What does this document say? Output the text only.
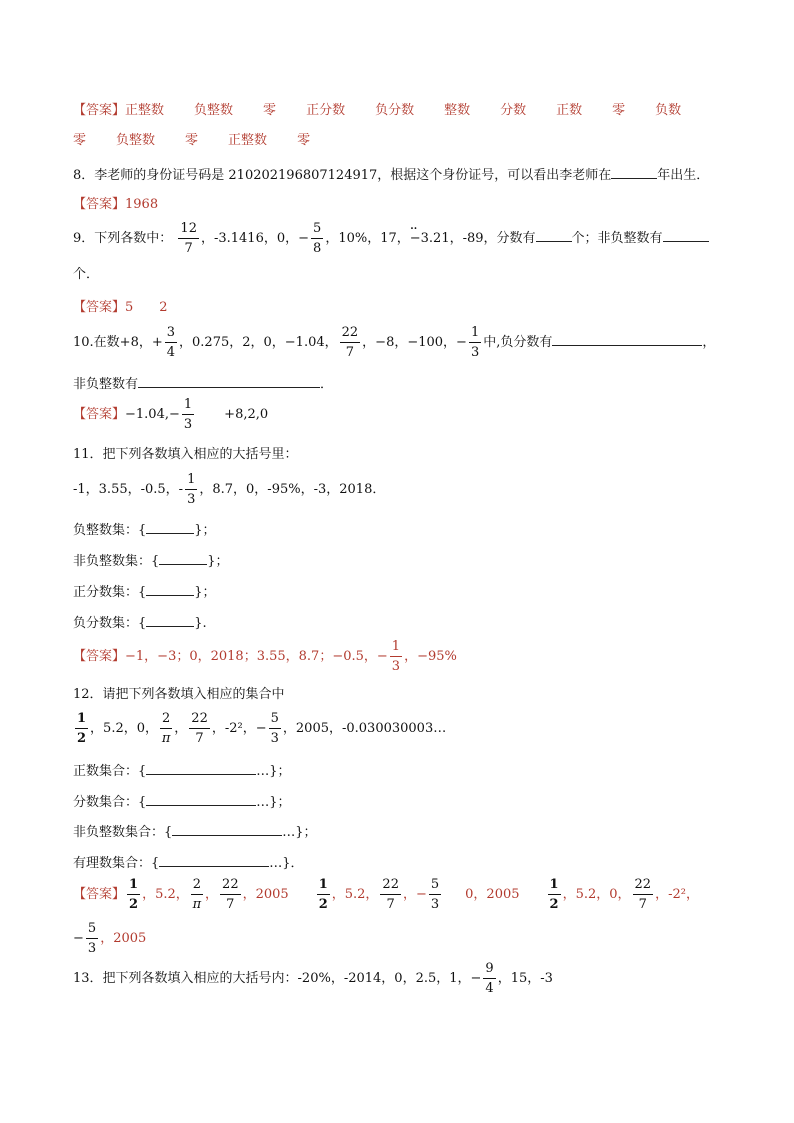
【答案】正整数 负整数 零 正分数 负分数 整数 分数 正数 零 负数
零 负整数 零 正整数 零
8．李老师的身份证号码是 210202196807124917，根据这个身份证号，可以看出李老师在	年出生．
【答案】1968
9．下列各数中： $\frac{12}{7}$ ，-3.1416，0，− $\frac{5}{8}$ ，10%，17，·· −3.21，-89，分数有	个；非负整数有
个．
【答案】5 2
10.在数+8，+ $\frac{3}{4}$ ，0.275，2，0，−1.04， $\frac{22}{7}$ ，−8，−100，− $\frac{1}{3}$ 中,负分数有	，
非负整数有	．
【答案】$-1.04,- \frac{1}{3} +8,2,0$
11．把下列各数填入相应的大括号里：
-1，3.55，-0.5，- $\frac{1}{3}$ ，8.7，0，-95%，-3，2018．
负整数集：{	}；
非负整数集：{	}；
正分数集：{	}；
负分数集：{	}.
【答案】−1，−3；0，2018；3.55，8.7；−0.5，− $\frac{1}{3}$ ，−95%
12．请把下列各数填入相应的集合中
$\frac{1}{2}$ ，5.2，0， $\frac{2}{\pi}$ ， $\frac{22}{7}$ ，-2²，− $\frac{5}{3}$ ，2005，-0.030030003…
正数集合：{	…}；
分数集合：{	…}；
非负整数集合：{	…}；
有理数集合：{	…}．
【答案】 $\frac{1}{2}$ ，5.2， $\frac{2}{\pi}$ ， $\frac{22}{7}$ ，$2005 \frac{1}{2}$ ，5.2， $\frac{22}{7}$ ，− $\frac{5}{3} 0$，$2005 \frac{1}{2}$ ，5.2，0， $\frac{22}{7}$ ，-2²，
− $\frac{5}{3}$ ，2005
13．把下列各数填入相应的大括号内：-20%，-2014，0，2.5，1，− $\frac{9}{4}$ ，15，-3
